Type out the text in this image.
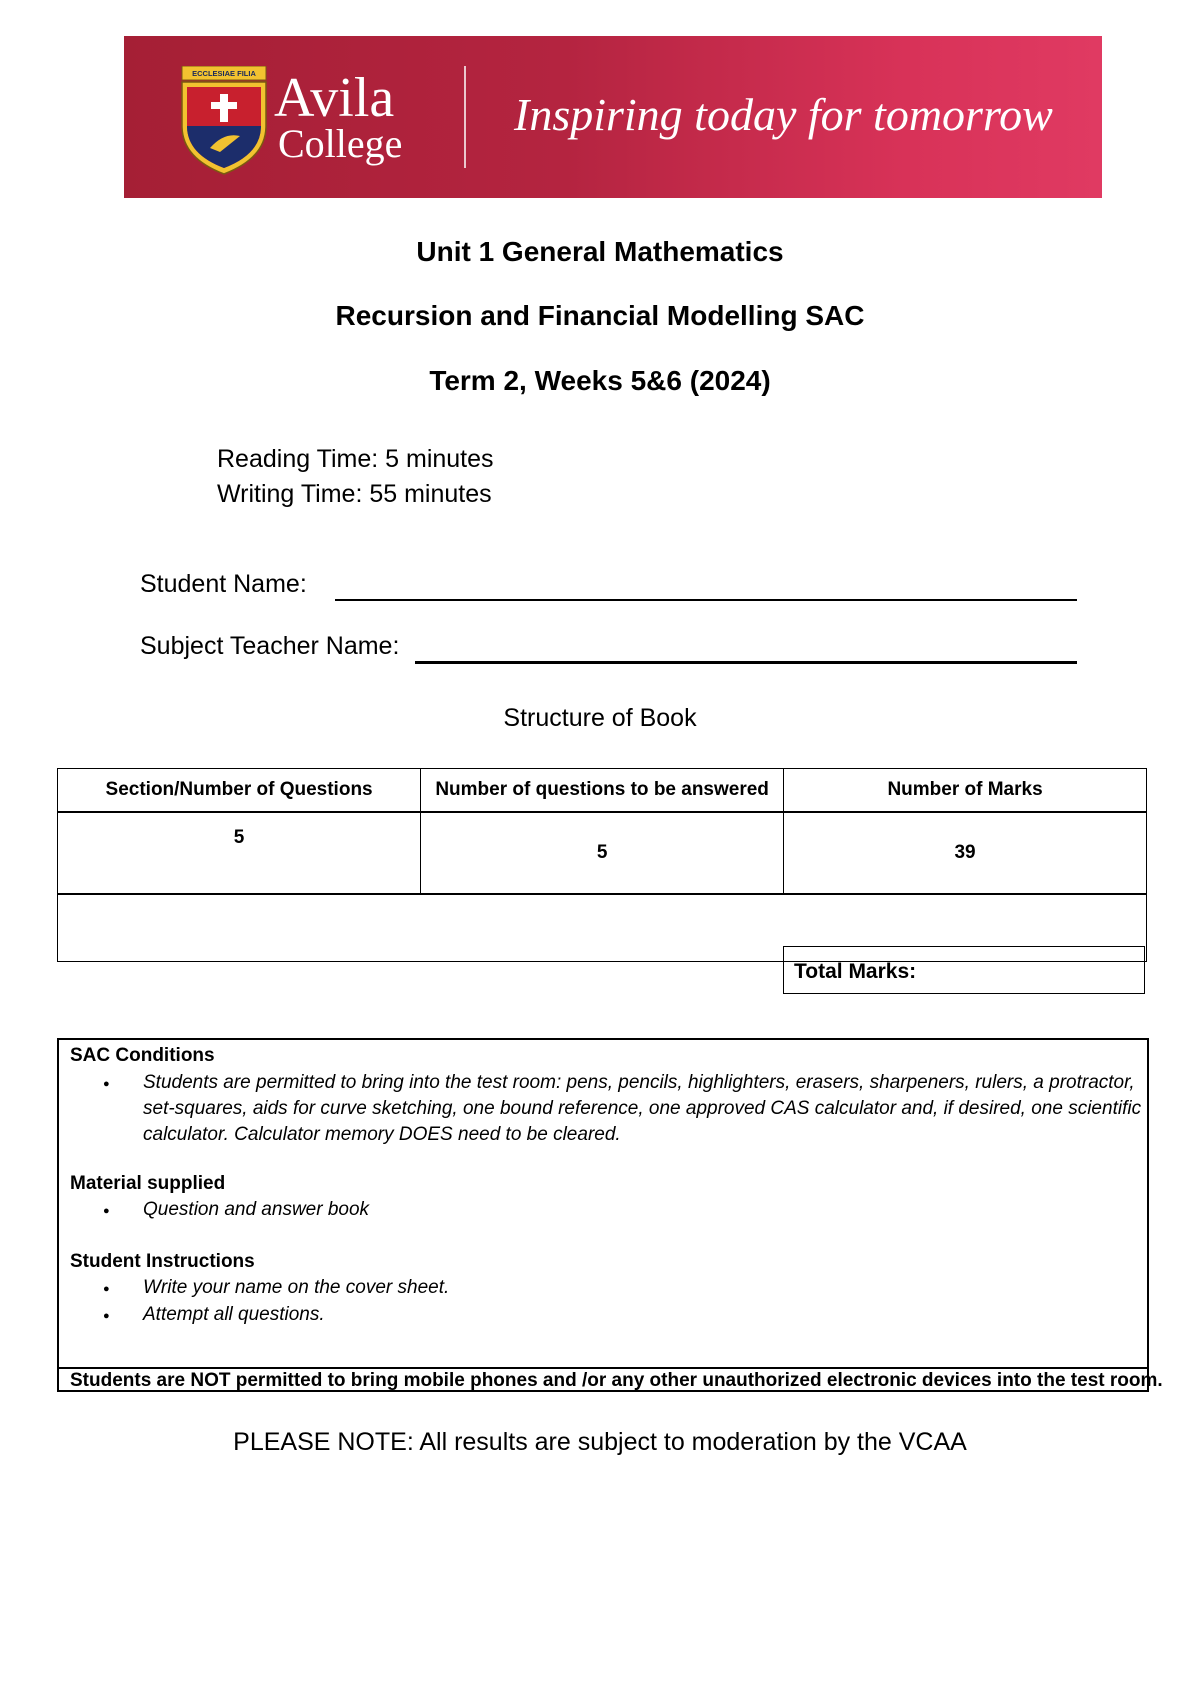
ECCLESIAE FILIA Avila
College
Inspiring today for tomorrow
Unit 1 General Mathematics
Recursion and Financial Modelling SAC
Term 2, Weeks 5&6 (2024)
Reading Time: 5 minutes
Writing Time: 55 minutes
Student Name:
Subject Teacher Name:
Structure of Book
Section/Number of Questions	Number of questions to be answered	Number of Marks
5	5	39

Total Marks:
SAC Conditions
● Students are permitted to bring into the test room: pens, pencils, highlighters, erasers, sharpeners, rulers, a protractor, set-squares, aids for curve sketching, one bound reference, one approved CAS calculator and, if desired, one scientific calculator. Calculator memory DOES need to be cleared.
Material supplied
● Question and answer book
Student Instructions
● Write your name on the cover sheet.
● Attempt all questions.
Students are NOT permitted to bring mobile phones and /or any other unauthorized electronic devices into the test room.
PLEASE NOTE: All results are subject to moderation by the VCAA
